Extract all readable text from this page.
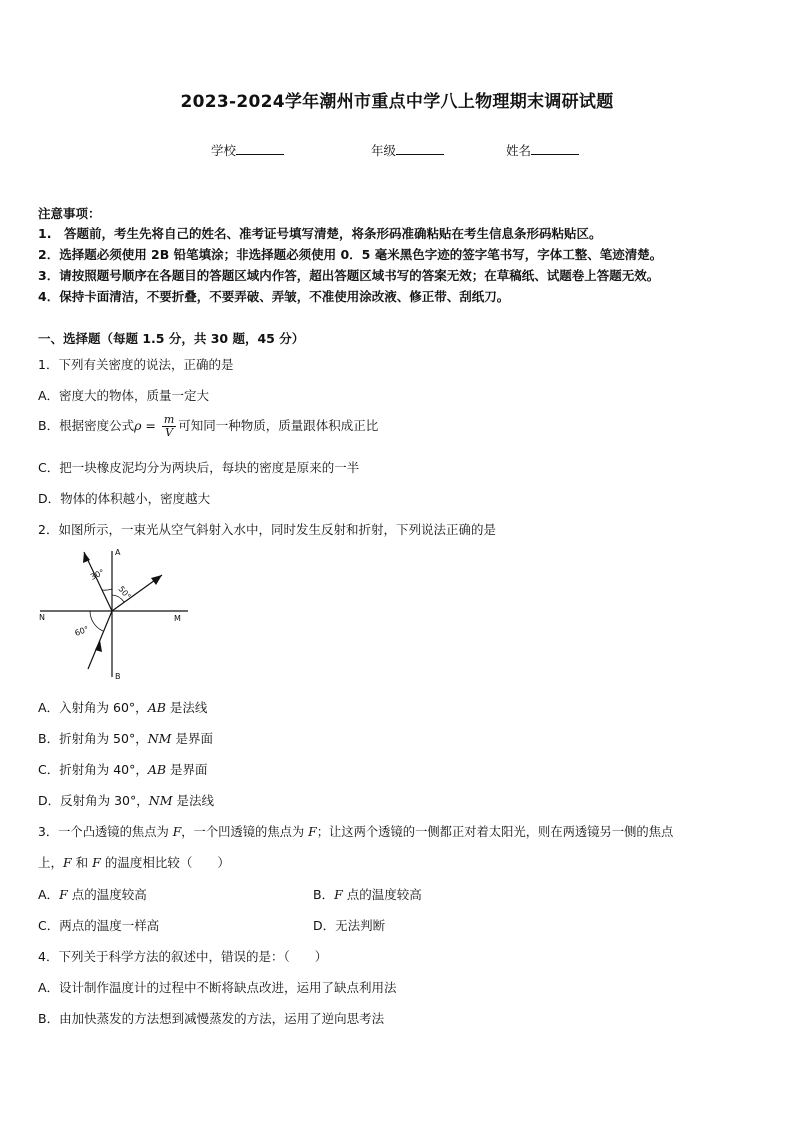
2023-2024学年潮州市重点中学八上物理期末调研试题
学校	年级	姓名
注意事项：
1.　答题前，考生先将自己的姓名、准考证号填写清楚，将条形码准确粘贴在考生信息条形码粘贴区。
2．选择题必须使用 2B 铅笔填涂；非选择题必须使用 0．5 毫米黑色字迹的签字笔书写，字体工整、笔迹清楚。
3．请按照题号顺序在各题目的答题区域内作答，超出答题区域书写的答案无效；在草稿纸、试题卷上答题无效。
4．保持卡面清洁，不要折叠，不要弄破、弄皱，不准使用涂改液、修正带、刮纸刀。
一、选择题（每题 1.5 分，共 30 题，45 分）
1．下列有关密度的说法，正确的是
A．密度大的物体，质量一定大
B．根据密度公式$\rho = \frac{m}{V}$ 可知同一种物质，质量跟体积成正比
C．把一块橡皮泥均分为两块后，每块的密度是原来的一半
D．物体的体积越小，密度越大
2．如图所示，一束光从空气斜射入水中，同时发生反射和折射，下列说法正确的是
A
B
N	M
30°
50°
60°
A．入射角为 60°，AB 是法线
B．折射角为 50°，NM 是界面
C．折射角为 40°，AB 是界面
D．反射角为 30°，NM 是法线
3．一个凸透镜的焦点为 F，一个凹透镜的焦点为 F；让这两个透镜的一侧都正对着太阳光，则在两透镜另一侧的焦点
上，F 和 F 的温度相比较（　　）
A．F 点的温度较高	B．F 点的温度较高
C．两点的温度一样高	D．无法判断
4．下列关于科学方法的叙述中，错误的是：（　　）
A．设计制作温度计的过程中不断将缺点改进，运用了缺点利用法
B．由加快蒸发的方法想到减慢蒸发的方法，运用了逆向思考法
